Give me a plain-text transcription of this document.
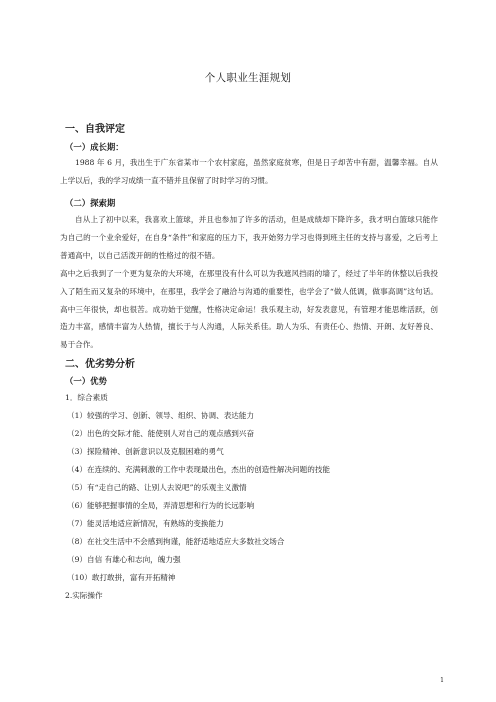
个人职业生涯规划
一、自我评定
（一）成长期：

1988 年 6 月，我出生于广东省某市一个农村家庭，虽然家庭贫寒，但是日子却苦中有甜，温馨幸福。自从上学以后，我的学习成绩一直不错并且保留了时时学习的习惯。

（二）探索期

自从上了初中以来，我喜欢上篮球，并且也参加了许多的活动，但是成绩却下降许多，我才明白篮球只能作为自己的一个业余爱好，在自身“条件”和家庭的压力下，我开始努力学习也得到班主任的支持与喜爱，之后考上普通高中，以自己活泼开朗的性格过的很不错。

高中之后我到了一个更为复杂的大环境，在那里没有什么可以为我遮风挡雨的墙了，经过了半年的休整以后我投入了陌生而又复杂的环境中，在那里，我学会了融洽与沟通的重要性，也学会了“做人低调，做事高调”这句话。高中三年很快，却也很苦。成功始于觉醒，性格决定命运！我乐观主动，好发表意见，有管理才能思维活跃，创造力丰富，感情丰富为人热情，擅长于与人沟通，人际关系佳。助人为乐、有责任心、热情、开朗、友好善良、易于合作。

二、优劣势分析
（一）优势
1．综合素质
（1）较强的学习、创新、领导、组织、协调、表达能力
（2）出色的交际才能、能使别人对自己的观点感到兴奋
（3）探险精神、创新意识以及克服困难的勇气
（4）在连续的、充满刺激的工作中表现最出色，杰出的创造性解决问题的技能
（5）有“走自己的路、让别人去说吧”的乐观主义激情
（6）能够把握事情的全局，弄清思想和行为的长远影响
（7）能灵活地适应新情况，有熟练的变换能力
（8）在社交生活中不会感到拘谨，能舒适地适应大多数社交场合
（9）自信 有雄心和志向，魄力强
（10）敢打敢拼，富有开拓精神
2.实际操作
1
